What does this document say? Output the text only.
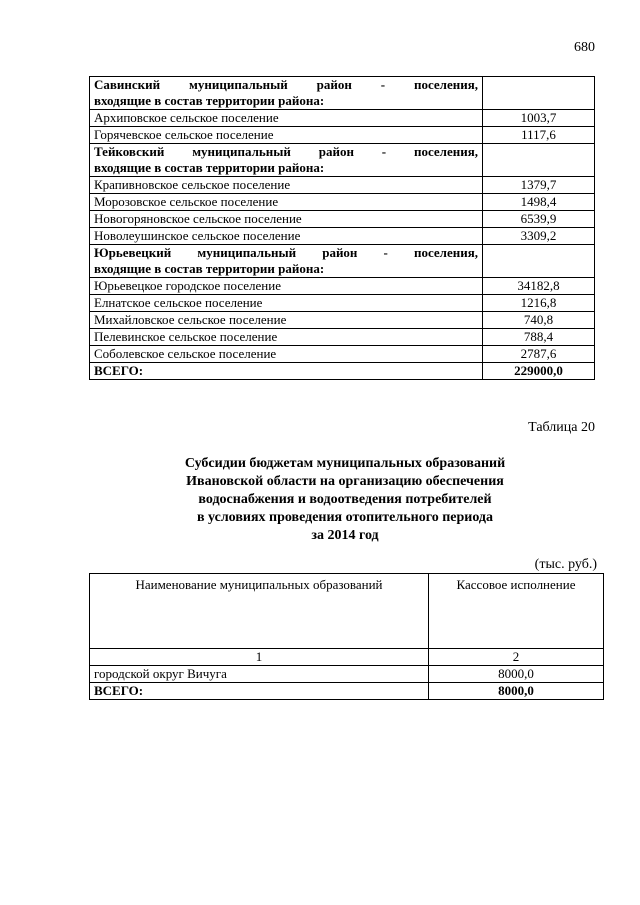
680
Савинский муниципальный район - поселения,
входящие в состав территории района:	

Архиповское сельское поселение	1003,7
Горячевское сельское поселение	1117,6

Тейковский муниципальный район - поселения,
входящие в состав территории района:	

Крапивновское сельское поселение	1379,7
Морозовское сельское поселение	1498,4
Новогоряновское сельское поселение	6539,9
Новолеушинское сельское поселение	3309,2

Юрьевецкий муниципальный район - поселения,
входящие в состав территории района:	

Юрьевецкое городское поселение	34182,8
Елнатское сельское поселение	1216,8
Михайловское сельское поселение	740,8
Пелевинское сельское поселение	788,4
Соболевское сельское поселение	2787,6
ВСЕГО:	229000,0
Таблица 20
Субсидии бюджетам муниципальных образований
Ивановской области на организацию обеспечения
водоснабжения и водоотведения потребителей
в условиях проведения отопительного периода
за 2014 год
(тыс. руб.)
Наименование муниципальных образований	Кассовое исполнение
1	2
городской округ Вичуга	8000,0
ВСЕГО:	8000,0
